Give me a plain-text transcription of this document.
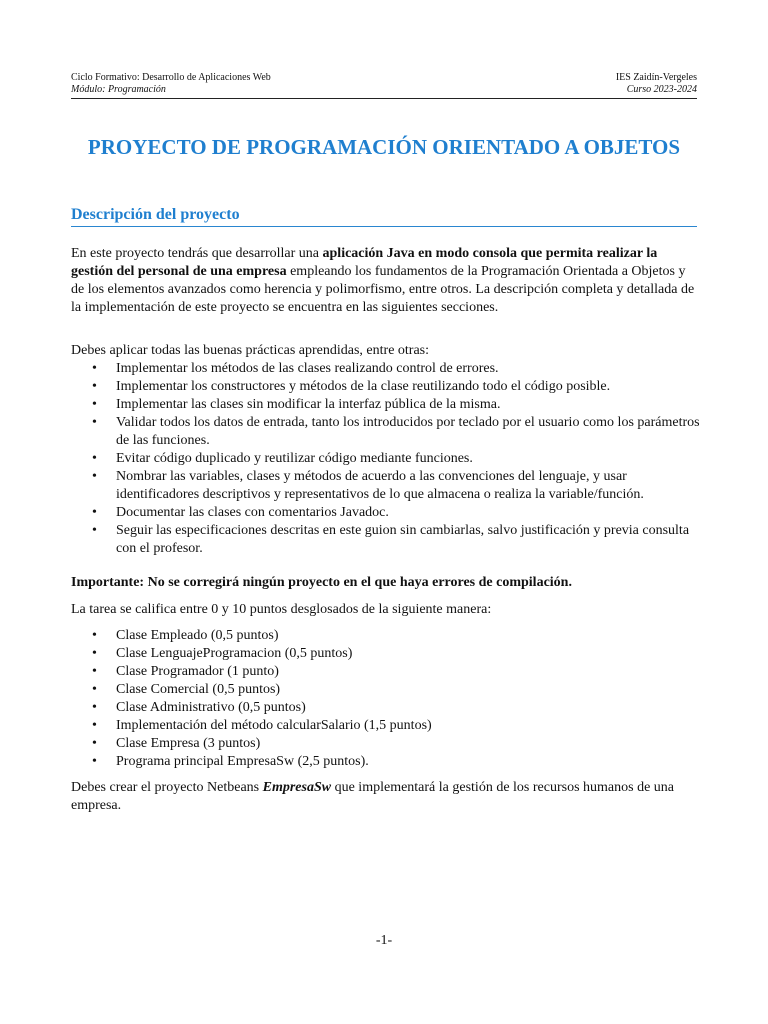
Ciclo Formativo: Desarrollo de Aplicaciones Web
Módulo: Programación
IES Zaidín-Vergeles
Curso 2023-2024
PROYECTO DE PROGRAMACIÓN ORIENTADO A OBJETOS
Descripción del proyecto

En este proyecto tendrás que desarrollar una aplicación Java en modo consola que permita realizar la gestión del personal de una empresa empleando los fundamentos de la Programación Orientada a Objetos y de los elementos avanzados como herencia y polimorfismo, entre otros. La descripción completa y detallada de la implementación de este proyecto se encuentra en las siguientes secciones.

Debes aplicar todas las buenas prácticas aprendidas, entre otras:

• Implementar los métodos de las clases realizando control de errores.
• Implementar los constructores y métodos de la clase reutilizando todo el código posible.
• Implementar las clases sin modificar la interfaz pública de la misma.
• Validar todos los datos de entrada, tanto los introducidos por teclado por el usuario como los parámetros de las funciones.
• Evitar código duplicado y reutilizar código mediante funciones.
• Nombrar las variables, clases y métodos de acuerdo a las convenciones del lenguaje, y usar identificadores descriptivos y representativos de lo que almacena o realiza la variable/función.
• Documentar las clases con comentarios Javadoc.
• Seguir las especificaciones descritas en este guion sin cambiarlas, salvo justificación y previa consulta con el profesor.

Importante: No se corregirá ningún proyecto en el que haya errores de compilación.

La tarea se califica entre 0 y 10 puntos desglosados de la siguiente manera:

• Clase Empleado (0,5 puntos)
• Clase LenguajeProgramacion (0,5 puntos)
• Clase Programador (1 punto)
• Clase Comercial (0,5 puntos)
• Clase Administrativo (0,5 puntos)
• Implementación del método calcularSalario (1,5 puntos)
• Clase Empresa (3 puntos)
• Programa principal EmpresaSw (2,5 puntos).

Debes crear el proyecto Netbeans EmpresaSw que implementará la gestión de los recursos humanos de una empresa.

-1-
